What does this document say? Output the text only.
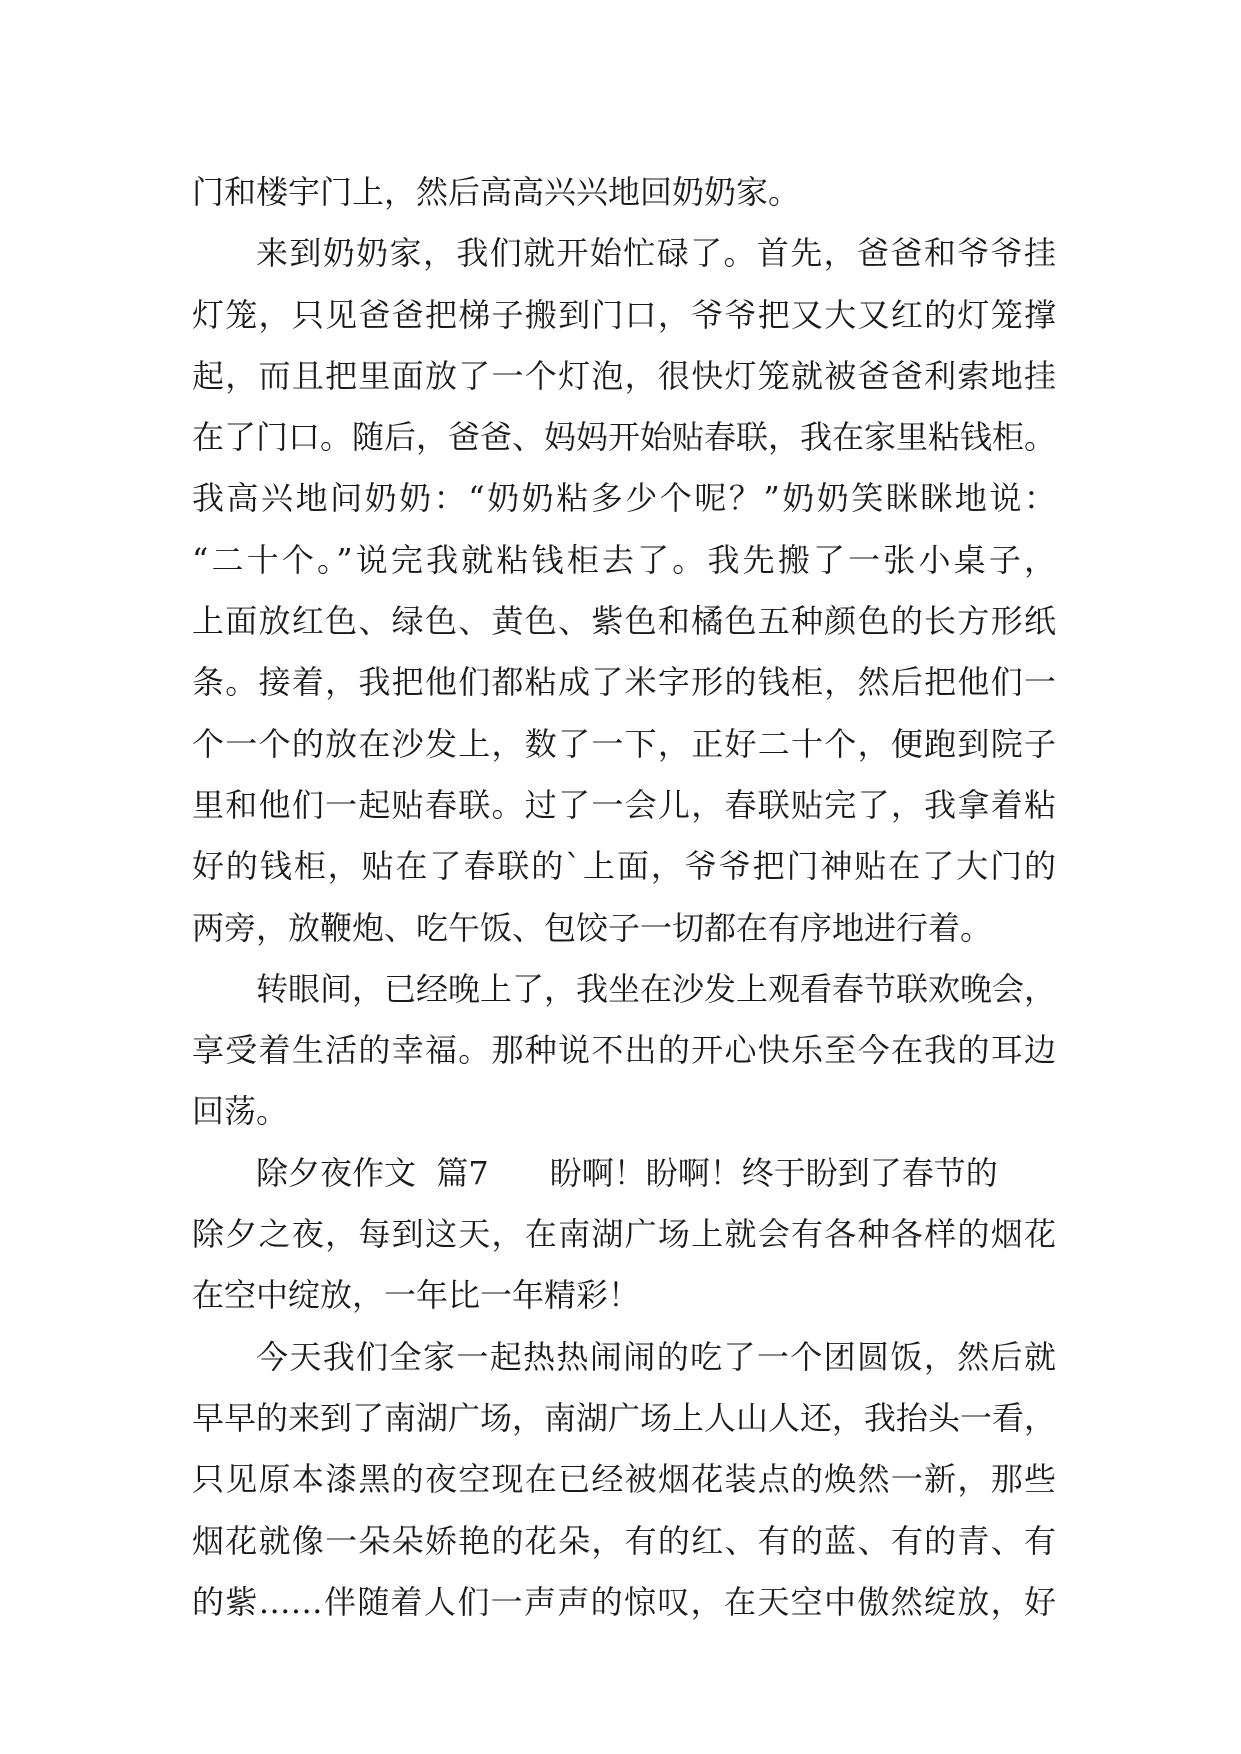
门和楼宇门上，然后高高兴兴地回奶奶家。
来到奶奶家，我们就开始忙碌了。首先，爸爸和爷爷挂
灯笼，只见爸爸把梯子搬到门口，爷爷把又大又红的灯笼撑
起，而且把里面放了一个灯泡，很快灯笼就被爸爸利索地挂
在了门口。随后，爸爸、妈妈开始贴春联，我在家里粘钱柜。
我高兴地问奶奶：“奶奶粘多少个呢？”奶奶笑眯眯地说：
“二十个。”说完我就粘钱柜去了。我先搬了一张小桌子，
上面放红色、绿色、黄色、紫色和橘色五种颜色的长方形纸
条。接着，我把他们都粘成了米字形的钱柜，然后把他们一
个一个的放在沙发上，数了一下，正好二十个，便跑到院子
里和他们一起贴春联。过了一会儿，春联贴完了，我拿着粘
好的钱柜，贴在了春联的`上面，爷爷把门神贴在了大门的
两旁，放鞭炮、吃午饭、包饺子一切都在有序地进行着。
转眼间，已经晚上了，我坐在沙发上观看春节联欢晚会，
享受着生活的幸福。那种说不出的开心快乐至今在我的耳边
回荡。
除夕夜作文  篇7      盼啊！盼啊！终于盼到了春节的
除夕之夜，每到这天，在南湖广场上就会有各种各样的烟花
在空中绽放，一年比一年精彩！
今天我们全家一起热热闹闹的吃了一个团圆饭，然后就
早早的来到了南湖广场，南湖广场上人山人还，我抬头一看，
只见原本漆黑的夜空现在已经被烟花装点的焕然一新，那些
烟花就像一朵朵娇艳的花朵，有的红、有的蓝、有的青、有
的紫……伴随着人们一声声的惊叹，在天空中傲然绽放，好
